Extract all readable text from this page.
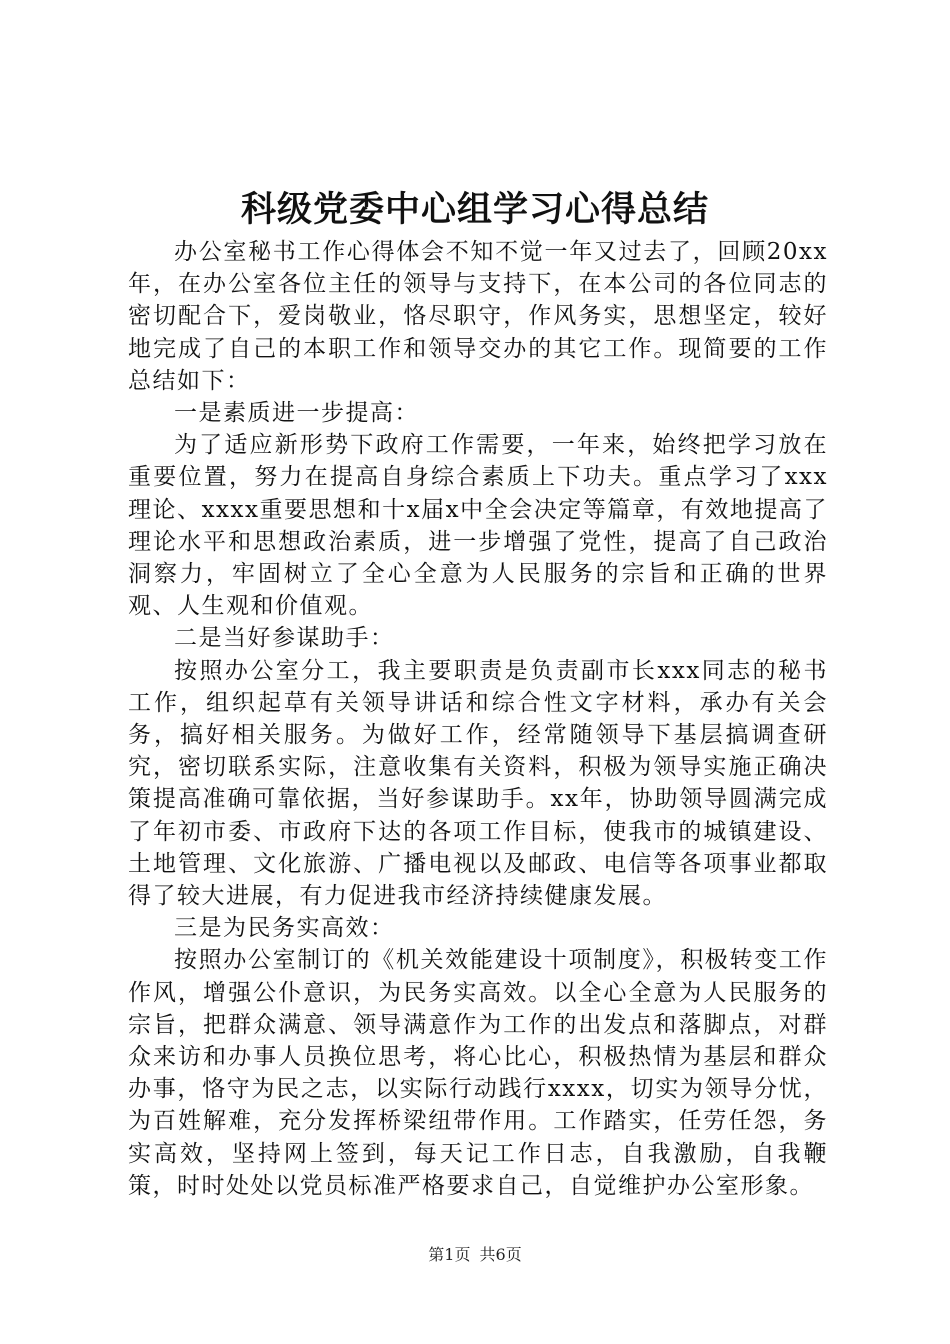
科级党委中心组学习心得总结

办公室秘书工作心得体会不知不觉一年又过去了，回顾20xx年，在办公室各位主任的领导与支持下，在本公司的各位同志的密切配合下，爱岗敬业，恪尽职守，作风务实，思想坚定，较好地完成了自己的本职工作和领导交办的其它工作。现简要的工作总结如下：

一是素质进一步提高：

为了适应新形势下政府工作需要，一年来，始终把学习放在重要位置，努力在提高自身综合素质上下功夫。重点学习了xxx理论、xxxx重要思想和十x届x中全会决定等篇章，有效地提高了理论水平和思想政治素质，进一步增强了党性，提高了自己政治洞察力，牢固树立了全心全意为人民服务的宗旨和正确的世界观、人生观和价值观。

二是当好参谋助手：

按照办公室分工，我主要职责是负责副市长xxx同志的秘书工作，组织起草有关领导讲话和综合性文字材料，承办有关会务，搞好相关服务。为做好工作，经常随领导下基层搞调查研究，密切联系实际，注意收集有关资料，积极为领导实施正确决策提高准确可靠依据，当好参谋助手。xx年，协助领导圆满完成了年初市委、市政府下达的各项工作目标，使我市的城镇建设、土地管理、文化旅游、广播电视以及邮政、电信等各项事业都取得了较大进展，有力促进我市经济持续健康发展。

三是为民务实高效：

按照办公室制订的《机关效能建设十项制度》，积极转变工作作风，增强公仆意识，为民务实高效。以全心全意为人民服务的宗旨，把群众满意、领导满意作为工作的出发点和落脚点，对群众来访和办事人员换位思考，将心比心，积极热情为基层和群众办事，恪守为民之志，以实际行动践行xxxx，切实为领导分忧，为百姓解难，充分发挥桥梁纽带作用。工作踏实，任劳任怨，务实高效，坚持网上签到，每天记工作日志，自我激励，自我鞭策，时时处处以党员标准严格要求自己，自觉维护办公室形象。

第1页 共6页
